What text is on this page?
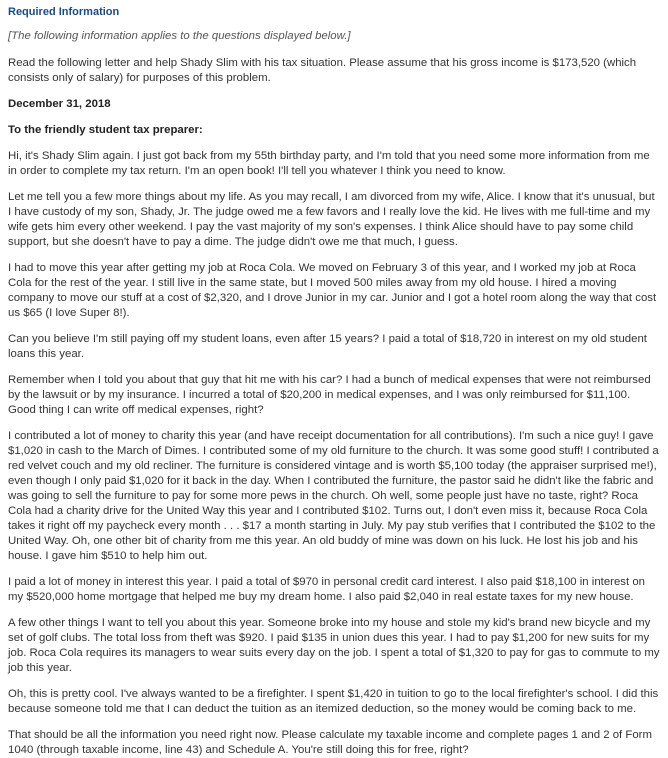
Required Information
[The following information applies to the questions displayed below.]

Read the following letter and help Shady Slim with his tax situation. Please assume that his gross income is $173,520 (which consists only of salary) for purposes of this problem.

December 31, 2018

To the friendly student tax preparer:

Hi, it's Shady Slim again. I just got back from my 55th birthday party, and I'm told that you need some more information from me in order to complete my tax return. I'm an open book! I'll tell you whatever I think you need to know.

Let me tell you a few more things about my life. As you may recall, I am divorced from my wife, Alice. I know that it's unusual, but I have custody of my son, Shady, Jr. The judge owed me a few favors and I really love the kid. He lives with me full-time and my wife gets him every other weekend. I pay the vast majority of my son's expenses. I think Alice should have to pay some child support, but she doesn't have to pay a dime. The judge didn't owe me that much, I guess.

I had to move this year after getting my job at Roca Cola. We moved on February 3 of this year, and I worked my job at Roca Cola for the rest of the year. I still live in the same state, but I moved 500 miles away from my old house. I hired a moving company to move our stuff at a cost of $2,320, and I drove Junior in my car. Junior and I got a hotel room along the way that cost us $65 (I love Super 8!).

Can you believe I'm still paying off my student loans, even after 15 years? I paid a total of $18,720 in interest on my old student loans this year.

Remember when I told you about that guy that hit me with his car? I had a bunch of medical expenses that were not reimbursed by the lawsuit or by my insurance. I incurred a total of $20,200 in medical expenses, and I was only reimbursed for $11,100. Good thing I can write off medical expenses, right?

I contributed a lot of money to charity this year (and have receipt documentation for all contributions). I'm such a nice guy! I gave $1,020 in cash to the March of Dimes. I contributed some of my old furniture to the church. It was some good stuff! I contributed a red velvet couch and my old recliner. The furniture is considered vintage and is worth $5,100 today (the appraiser surprised me!), even though I only paid $1,020 for it back in the day. When I contributed the furniture, the pastor said he didn't like the fabric and was going to sell the furniture to pay for some more pews in the church. Oh well, some people just have no taste, right? Roca Cola had a charity drive for the United Way this year and I contributed $102. Turns out, I don't even miss it, because Roca Cola takes it right off my paycheck every month . . . $17 a month starting in July. My pay stub verifies that I contributed the $102 to the United Way. Oh, one other bit of charity from me this year. An old buddy of mine was down on his luck. He lost his job and his house. I gave him $510 to help him out.

I paid a lot of money in interest this year. I paid a total of $970 in personal credit card interest. I also paid $18,100 in interest on my $520,000 home mortgage that helped me buy my dream home. I also paid $2,040 in real estate taxes for my new house.

A few other things I want to tell you about this year. Someone broke into my house and stole my kid's brand new bicycle and my set of golf clubs. The total loss from theft was $920. I paid $135 in union dues this year. I had to pay $1,200 for new suits for my job. Roca Cola requires its managers to wear suits every day on the job. I spent a total of $1,320 to pay for gas to commute to my job this year.

Oh, this is pretty cool. I've always wanted to be a firefighter. I spent $1,420 in tuition to go to the local firefighter's school. I did this because someone told me that I can deduct the tuition as an itemized deduction, so the money would be coming back to me.

That should be all the information you need right now. Please calculate my taxable income and complete pages 1 and 2 of Form 1040 (through taxable income, line 43) and Schedule A. You're still doing this for free, right?
